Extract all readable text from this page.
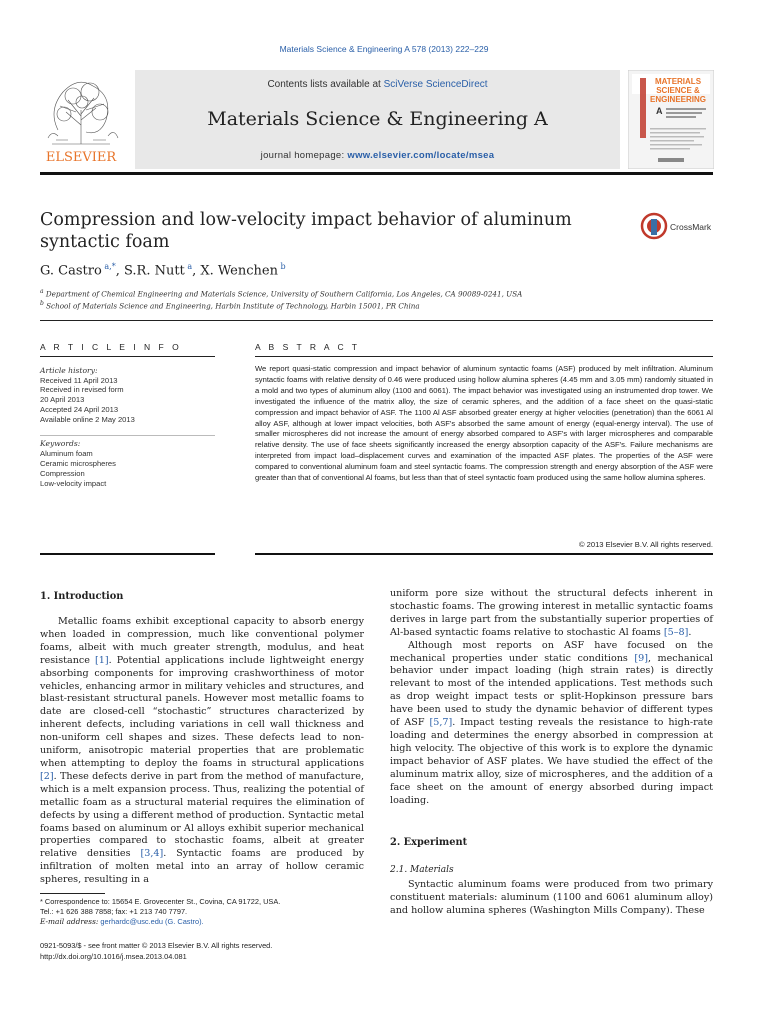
Materials Science & Engineering A 578 (2013) 222–229
ELSEVIER
Contents lists available at SciVerse ScienceDirect
Materials Science & Engineering A
journal homepage: www.elsevier.com/locate/msea
MATERIALS
SCIENCE &
ENGINEERING
A
Compression and low-velocity impact behavior of aluminum
syntactic foam
CrossMark
G. Castro $^{a,*}$, S.R. Nutt $^a$, X. Wenchen $^b$
$^a$ Department of Chemical Engineering and Materials Science, University of Southern California, Los Angeles, CA 90089-0241, USA
$^b$ School of Materials Science and Engineering, Harbin Institute of Technology, Harbin 15001, PR China
A R T I C L E I N F O	A B S T R A C T
Article history:
Received 11 April 2013
Received in revised form
20 April 2013
Accepted 24 April 2013
Available online 2 May 2013
Keywords:
Aluminum foam
Ceramic microspheres
Compression
Low-velocity impact
We report quasi-static compression and impact behavior of aluminum syntactic foams (ASF) produced by melt infiltration. Aluminum syntactic foams with relative density of 0.46 were produced using hollow alumina spheres (4.45 mm and 3.05 mm) randomly situated in a mold and two types of aluminum alloy (1100 and 6061). The impact behavior was investigated using an instrumented drop tower. We investigated the influence of the matrix alloy, the size of ceramic spheres, and the addition of a face sheet on the quasi-static compression and impact behavior of ASF. The 1100 Al ASF absorbed greater energy at higher velocities (penetration) than the 6061 Al alloy ASF, although at lower impact velocities, both ASF's absorbed the same amount of energy (equal-energy interval). The use of smaller microspheres did not increase the amount of energy absorbed compared to ASF's with larger microspheres and comparable relative density. The use of face sheets significantly increased the energy absorption capacity of the ASF's. Failure mechanisms are interpreted from impact load–displacement curves and examination of the impacted ASF plates. The properties of the ASF were compared to conventional aluminum foam and steel syntactic foams. The compression strength and energy absorption of the ASF were greater than that of conventional Al foams, but less than that of steel syntactic foam produced using the same hollow alumina spheres.
© 2013 Elsevier B.V. All rights reserved.
1. Introduction

Metallic foams exhibit exceptional capacity to absorb energy when loaded in compression, much like conventional polymer foams, albeit with much greater strength, modulus, and heat resistance [1]. Potential applications include lightweight energy absorbing components for improving crashworthiness of motor vehicles, enhancing armor in military vehicles and structures, and blast-resistant structural panels. However most metallic foams to date are closed-cell “stochastic” structures characterized by inherent defects, including variations in cell wall thickness and non-uniform cell shapes and sizes. These defects lead to non-uniform, anisotropic material properties that are problematic when attempting to deploy the foams in structural applications [2]. These defects derive in part from the method of manufacture, which is a melt expansion process. Thus, realizing the potential of metallic foam as a structural material requires the elimination of defects by using a different method of production. Syntactic metal foams based on aluminum or Al alloys exhibit superior mechanical properties compared to stochastic foams, albeit at greater relative densities [3,4]. Syntactic foams are produced by infiltration of molten metal into an array of hollow ceramic spheres, resulting in a

uniform pore size without the structural defects inherent in stochastic foams. The growing interest in metallic syntactic foams derives in large part from the substantially superior properties of Al-based syntactic foams relative to stochastic Al foams [5–8].

Although most reports on ASF have focused on the mechanical properties under static conditions [9], mechanical behavior under impact loading (high strain rates) is directly relevant to most of the intended applications. Test methods such as drop weight impact tests or split-Hopkinson pressure bars have been used to study the dynamic behavior of different types of ASF [5,7]. Impact testing reveals the resistance to high-rate loading and determines the energy absorbed in compression at high velocity. The objective of this work is to explore the dynamic impact behavior of ASF plates. We have studied the effect of the aluminum matrix alloy, size of microspheres, and the addition of a face sheet on the amount of energy absorbed during impact loading.

2. Experiment
2.1. Materials

Syntactic aluminum foams were produced from two primary constituent materials: aluminum (1100 and 6061 aluminum alloy) and hollow alumina spheres (Washington Mills Company). These

* Correspondence to: 15654 E. Grovecenter St., Covina, CA 91722, USA.
Tel.: +1 626 388 7858; fax: +1 213 740 7797.
E-mail address: gerhardc@usc.edu (G. Castro).
0921-5093/$ - see front matter © 2013 Elsevier B.V. All rights reserved.
http://dx.doi.org/10.1016/j.msea.2013.04.081
